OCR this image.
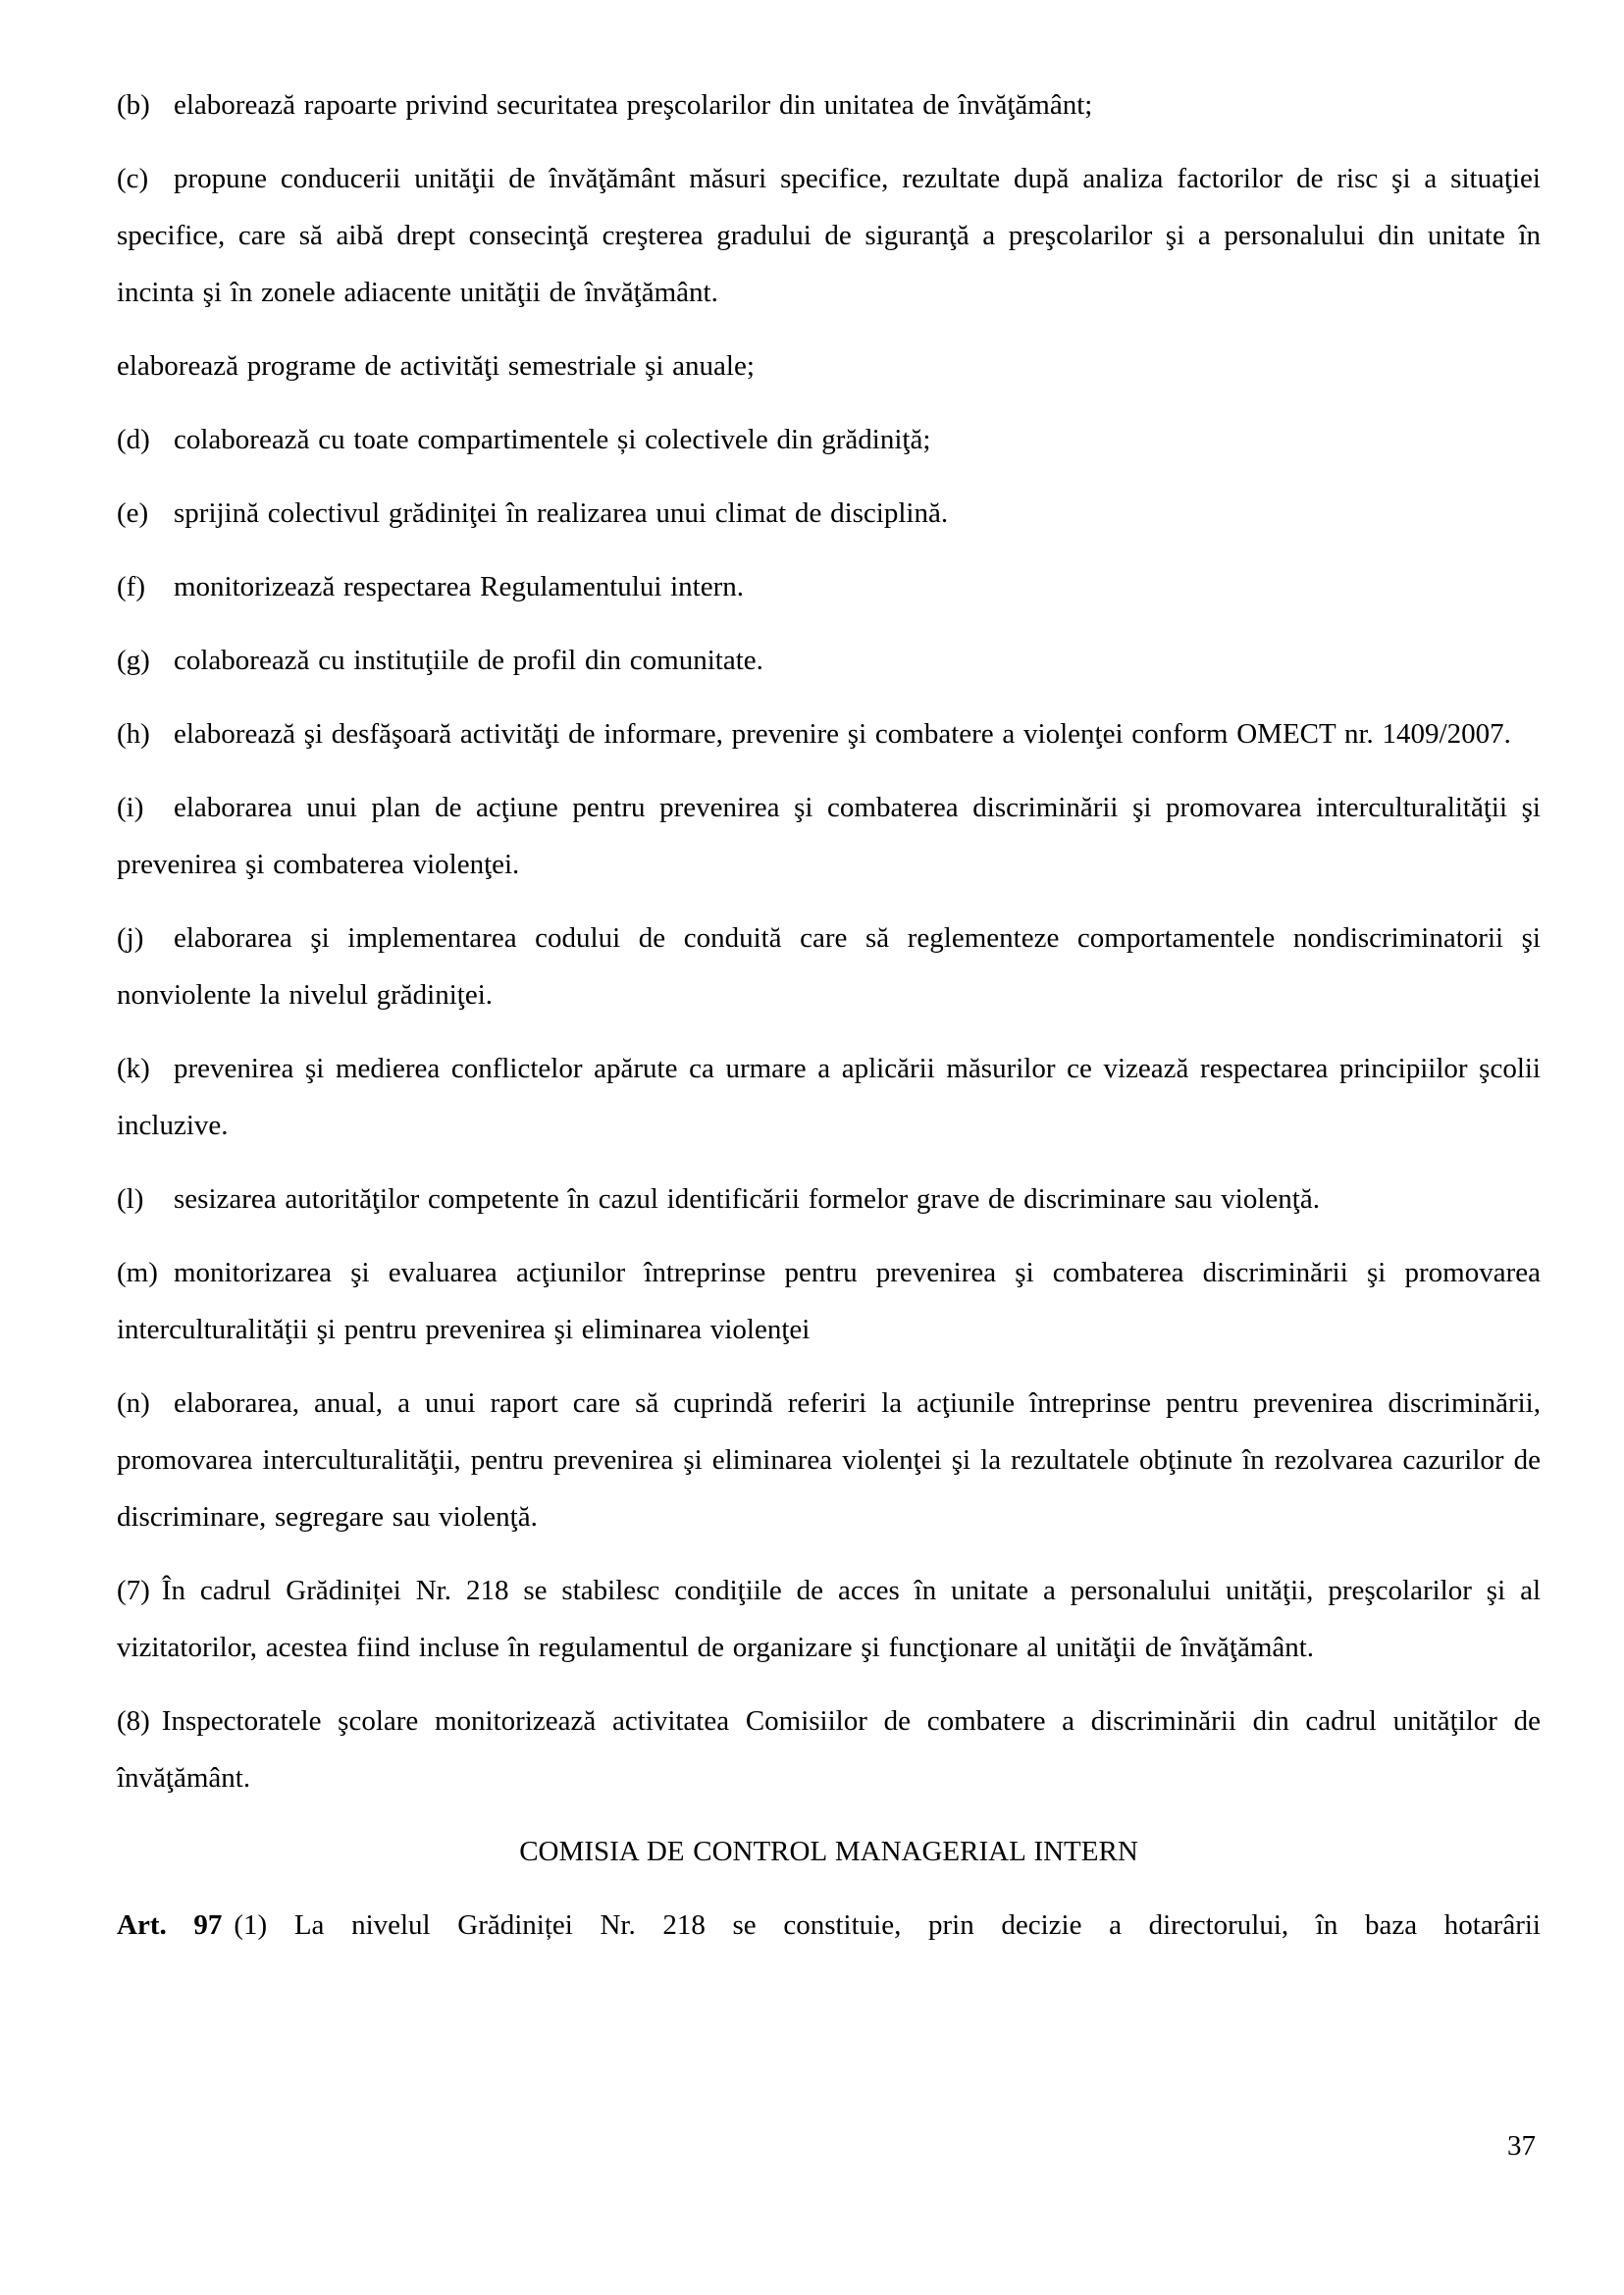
(b) elaborează rapoarte privind securitatea preşcolarilor din unitatea de învăţământ;

(c) propune conducerii unităţii de învăţământ măsuri specifice, rezultate după analiza factorilor de risc şi a situaţiei specifice, care să aibă drept consecinţă creşterea gradului de siguranţă a preşcolarilor şi a personalului din unitate în incinta şi în zonele adiacente unităţii de învăţământ.

elaborează programe de activităţi semestriale şi anuale;

(d) colaborează cu toate compartimentele și colectivele din grădiniţă;

(e) sprijină colectivul grădiniţei în realizarea unui climat de disciplină.

(f) monitorizează respectarea Regulamentului intern.

(g) colaborează cu instituţiile de profil din comunitate.

(h) elaborează şi desfăşoară activităţi de informare, prevenire şi combatere a violenţei conform OMECT nr. 1409/2007.

(i) elaborarea unui plan de acţiune pentru prevenirea şi combaterea discriminării şi promovarea interculturalităţii şi prevenirea şi combaterea violenţei.

(j) elaborarea şi implementarea codului de conduită care să reglementeze comportamentele nondiscriminatorii şi nonviolente la nivelul grădiniţei.

(k) prevenirea şi medierea conflictelor apărute ca urmare a aplicării măsurilor ce vizează respectarea principiilor şcolii incluzive.

(l) sesizarea autorităţilor competente în cazul identificării formelor grave de discriminare sau violenţă.

(m) monitorizarea şi evaluarea acţiunilor întreprinse pentru prevenirea şi combaterea discriminării şi promovarea interculturalităţii şi pentru prevenirea şi eliminarea violenţei

(n) elaborarea, anual, a unui raport care să cuprindă referiri la acţiunile întreprinse pentru prevenirea discriminării, promovarea interculturalităţii, pentru prevenirea şi eliminarea violenţei şi la rezultatele obţinute în rezolvarea cazurilor de discriminare, segregare sau violenţă.

(7) În cadrul Grădiniței Nr. 218 se stabilesc condiţiile de acces în unitate a personalului unităţii, preşcolarilor şi al vizitatorilor, acestea fiind incluse în regulamentul de organizare şi funcţionare al unităţii de învăţământ.

(8) Inspectoratele şcolare monitorizează activitatea Comisiilor de combatere a discriminării din cadrul unităţilor de învăţământ.

COMISIA DE CONTROL MANAGERIAL INTERN

Art. 97 (1) La nivelul Grădiniței Nr. 218 se constituie, prin decizie a directorului, în baza hotarârii

37
